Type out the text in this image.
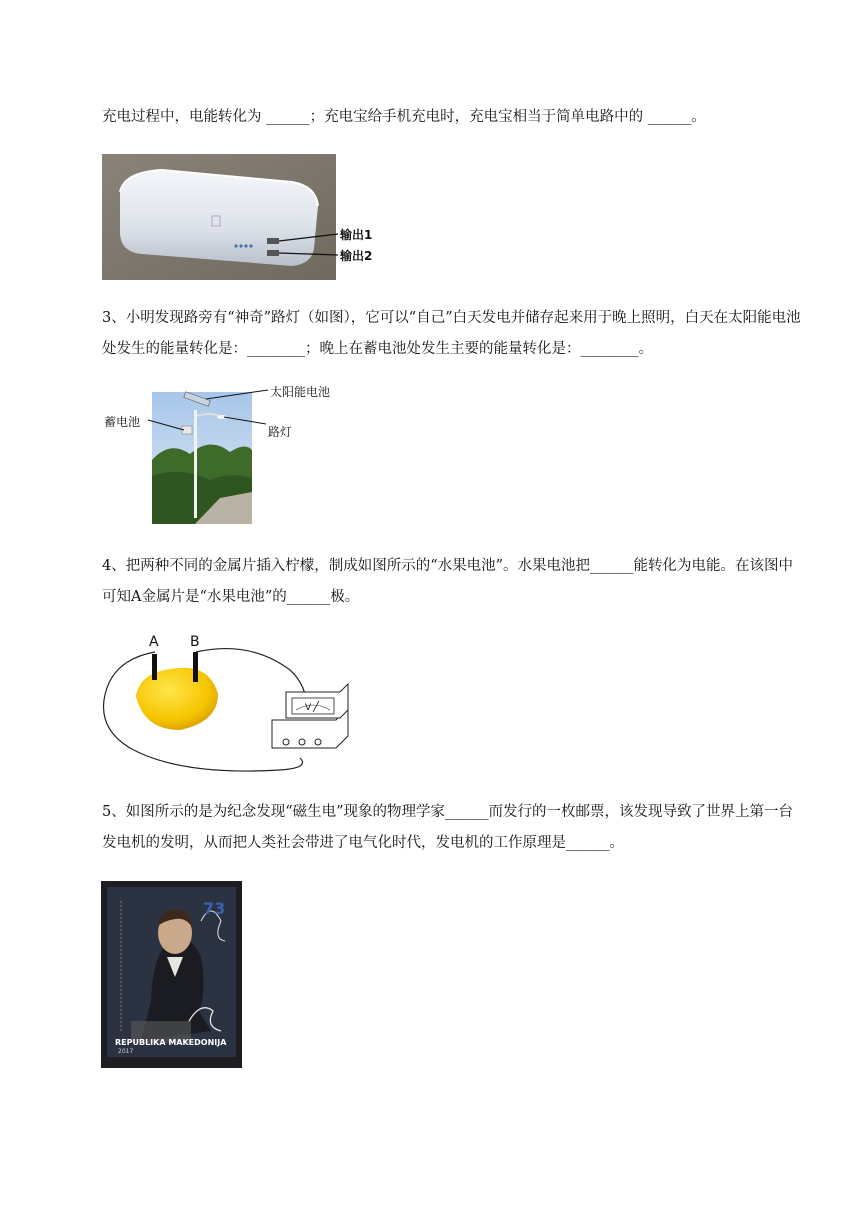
充电过程中，电能转化为 ______；充电宝给手机充电时，充电宝相当于简单电路中的 ______。

输出1
输出2

3、小明发现路旁有“神奇”路灯（如图），它可以“自己”白天发电并储存起来用于晚上照明，白天在太阳能电池处发生的能量转化是：________；晚上在蓄电池处发生主要的能量转化是：________。

太阳能电池
蓄电池
路灯

4、把两种不同的金属片插入柠檬，制成如图所示的“水果电池”。水果电池把______能转化为电能。在该图中可知A金属片是“水果电池”的______极。

A B
V

5、如图所示的是为纪念发现“磁生电”现象的物理学家______而发行的一枚邮票，该发现导致了世界上第一台发电机的发明，从而把人类社会带进了电气化时代，发电机的工作原理是______。

73
REPUBLIKA MAKEDONIJA
2017
